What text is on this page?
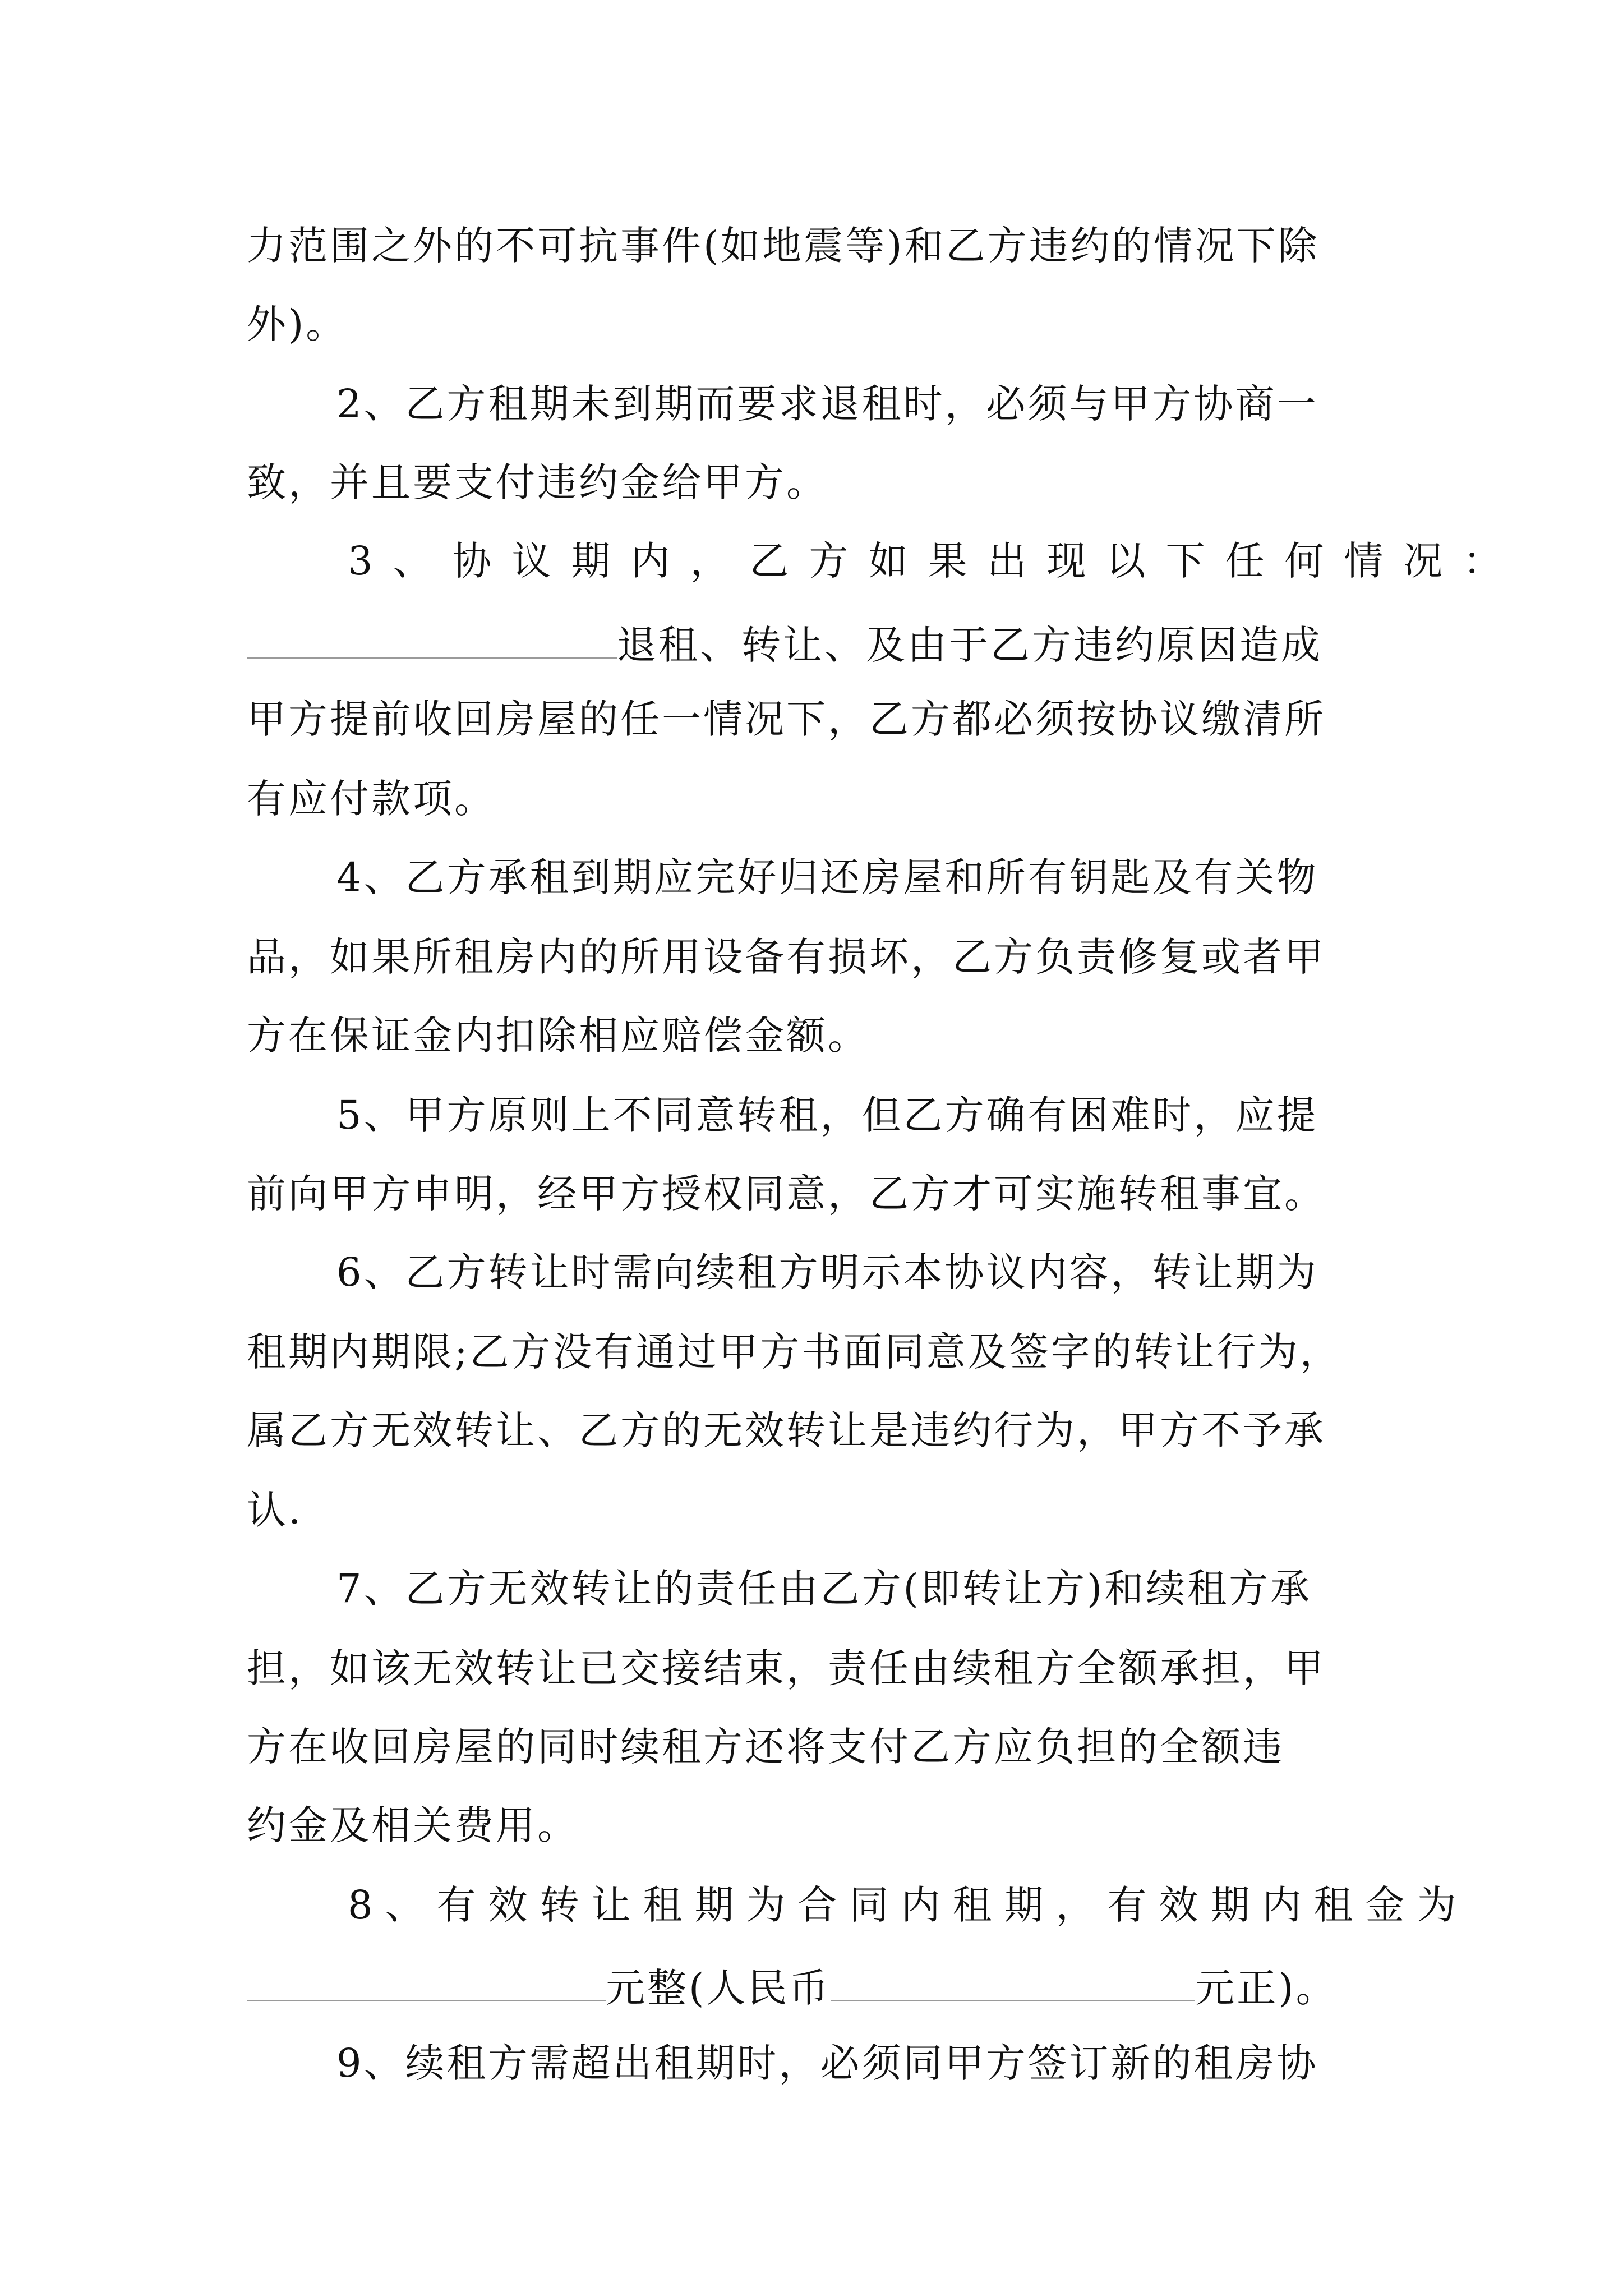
力范围之外的不可抗事件(如地震等)和乙方违约的情况下除
外)。
2、乙方租期未到期而要求退租时，必须与甲方协商一
致，并且要支付违约金给甲方。
3、协议期内，乙方如果出现以下任何情况：
退租、转让、及由于乙方违约原因造成
甲方提前收回房屋的任一情况下，乙方都必须按协议缴清所
有应付款项。
4、乙方承租到期应完好归还房屋和所有钥匙及有关物
品，如果所租房内的所用设备有损坏，乙方负责修复或者甲
方在保证金内扣除相应赔偿金额。
5、甲方原则上不同意转租，但乙方确有困难时，应提
前向甲方申明，经甲方授权同意，乙方才可实施转租事宜。
6、乙方转让时需向续租方明示本协议内容，转让期为
租期内期限;乙方没有通过甲方书面同意及签字的转让行为，
属乙方无效转让、乙方的无效转让是违约行为，甲方不予承
认.
7、乙方无效转让的责任由乙方(即转让方)和续租方承
担，如该无效转让已交接结束，责任由续租方全额承担，甲
方在收回房屋的同时续租方还将支付乙方应负担的全额违
约金及相关费用。
8、有效转让租期为合同内租期，有效期内租金为
元整(人民币	元正)。
9、续租方需超出租期时，必须同甲方签订新的租房协
